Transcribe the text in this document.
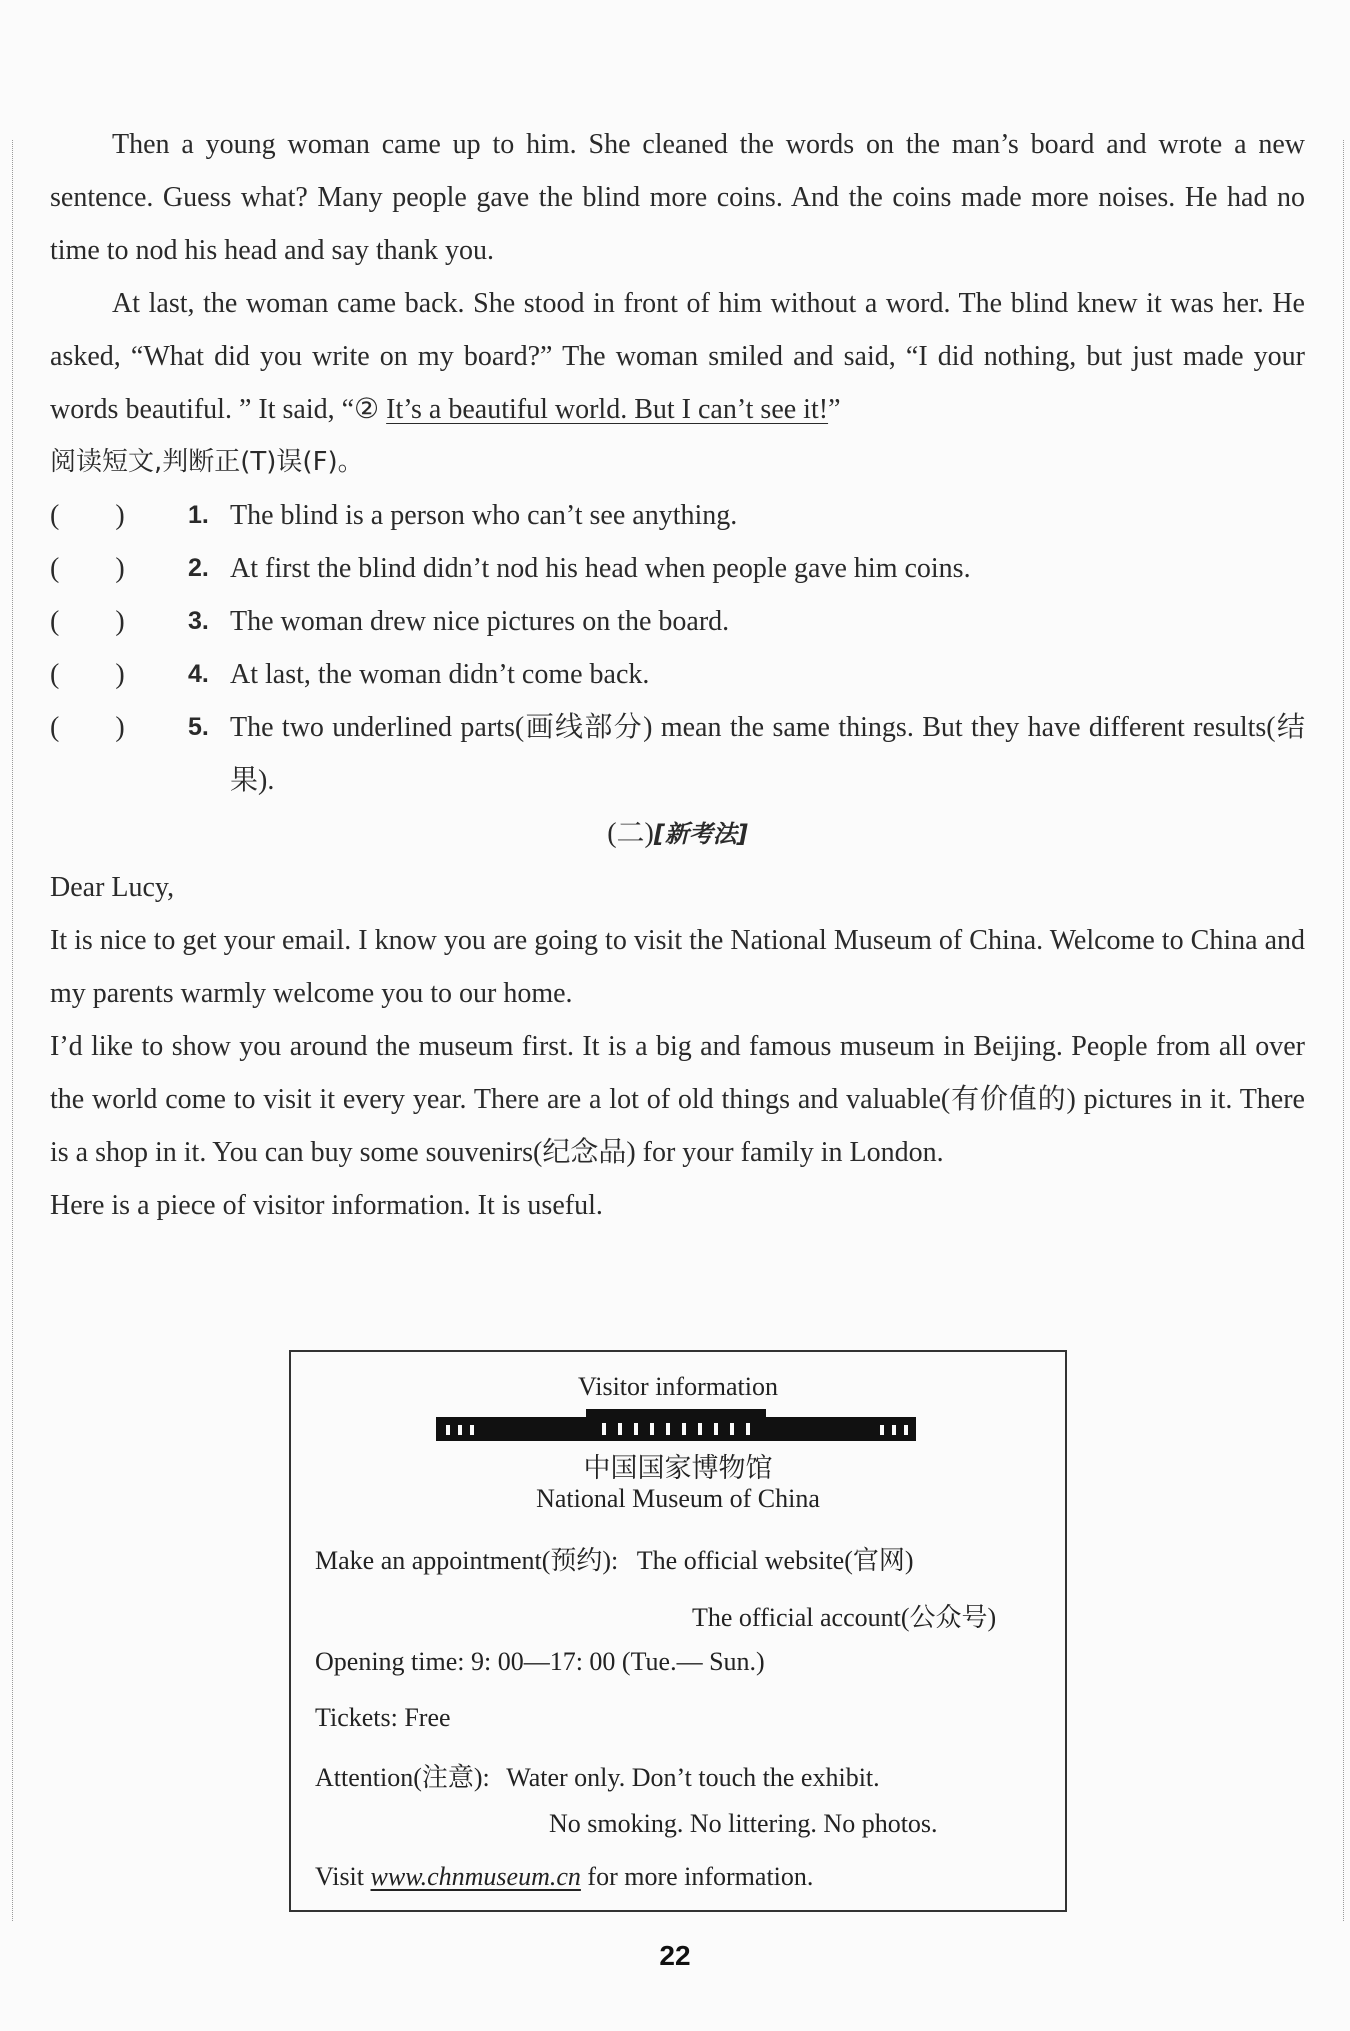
Then a young woman came up to him. She cleaned the words on the man’s board and wrote a new sentence. Guess what? Many people gave the blind more coins. And the coins made more noises. He had no time to nod his head and say thank you.

At last, the woman came back. She stood in front of him without a word. The blind knew it was her. He asked, “What did you write on my board?” The woman smiled and said, “I did nothing, but just made your words beautiful. ” It said, “② It’s a beautiful world. But I can’t see it!”

阅读短文,判断正(T)误(F)。

(        )	1. The blind is a person who can’t see anything.
(        )	2. At first the blind didn’t nod his head when people gave him coins.
(        )	3. The woman drew nice pictures on the board.
(        )	4. At last, the woman didn’t come back.
(        )	5. The two underlined parts(画线部分) mean the same things. But they have different results(结果).

(二)[新考法]

Dear Lucy,

It is nice to get your email. I know you are going to visit the National Museum of China. Welcome to China and my parents warmly welcome you to our home.

I’d like to show you around the museum first. It is a big and famous museum in Beijing. People from all over the world come to visit it every year. There are a lot of old things and valuable(有价值的) pictures in it. There is a shop in it. You can buy some souvenirs(纪念品) for your family in London.

Here is a piece of visitor information. It is useful.

Visitor information
中国国家博物馆
National Museum of China
Make an appointment(预约): The official website(官网)
The official account(公众号)
Opening time: 9: 00—17: 00 (Tue.— Sun.)
Tickets: Free
Attention(注意): Water only. Don’t touch the exhibit.
No smoking. No littering. No photos.
Visit www.chnmuseum.cn for more information.
22
